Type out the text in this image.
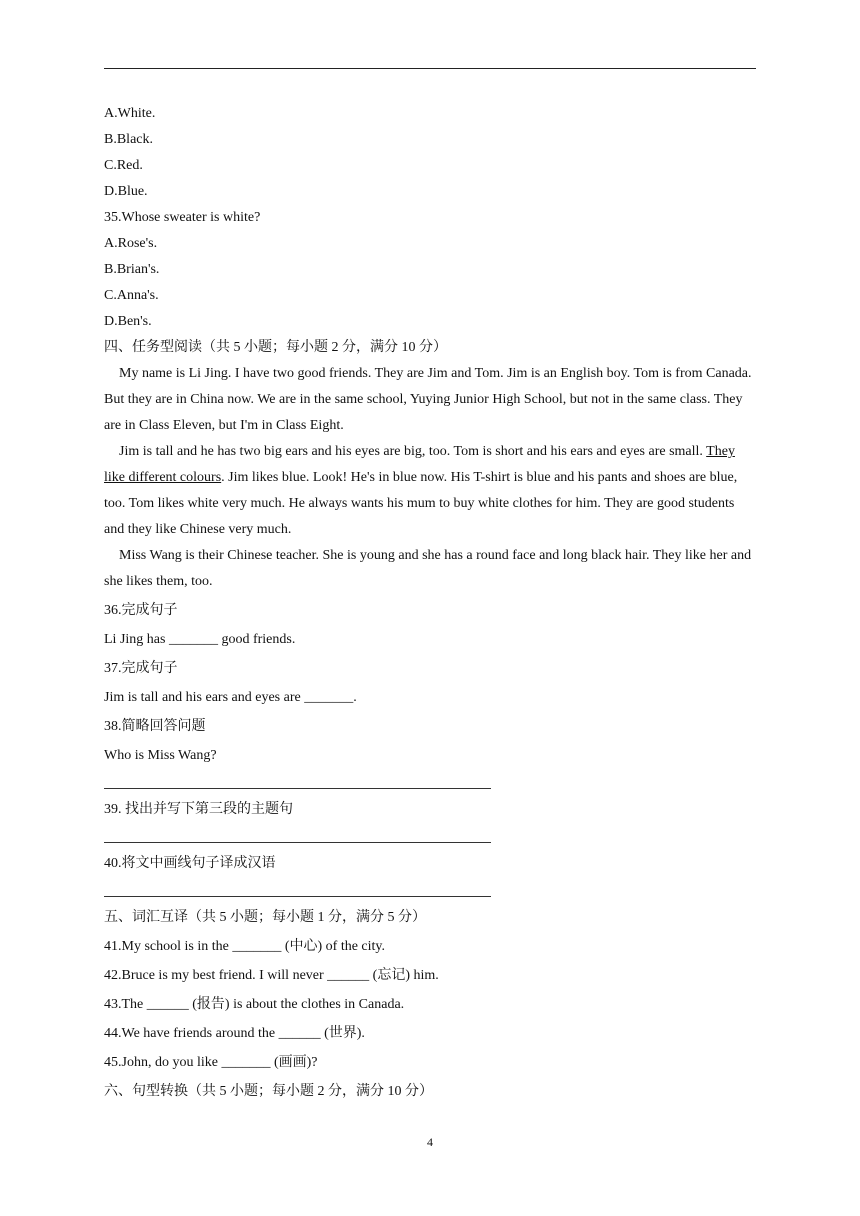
A.White.
B.Black.
C.Red.
D.Blue.
35.Whose sweater is white?
A.Rose's.
B.Brian's.
C.Anna's.
D.Ben's.
四、任务型阅读（共 5 小题；每小题 2 分，满分 10 分）
My name is Li Jing. I have two good friends. They are Jim and Tom. Jim is an English boy. Tom is from Canada. But they are in China now. We are in the same school, Yuying Junior High School, but not in the same class. They are in Class Eleven, but I'm in Class Eight.
Jim is tall and he has two big ears and his eyes are big, too. Tom is short and his ears and eyes are small. They like different colours. Jim likes blue. Look! He's in blue now. His T-shirt is blue and his pants and shoes are blue, too. Tom likes white very much. He always wants his mum to buy white clothes for him. They are good students and they like Chinese very much.
Miss Wang is their Chinese teacher. She is young and she has a round face and long black hair. They like her and she likes them, too.
36.完成句子
Li Jing has _______ good friends.
37.完成句子
Jim is tall and his ears and eyes are _______.
38.简略回答问题
Who is Miss Wang?
39. 找出并写下第三段的主题句
40.将文中画线句子译成汉语
五、词汇互译（共 5 小题；每小题 1 分，满分 5 分）
41.My school is in the _______ (中心) of the city.
42.Bruce is my best friend. I will never ______ (忘记) him.
43.The ______ (报告) is about the clothes in Canada.
44.We have friends around the ______ (世界).
45.John, do you like _______ (画画)?
六、句型转换（共 5 小题；每小题 2 分，满分 10 分）
4
